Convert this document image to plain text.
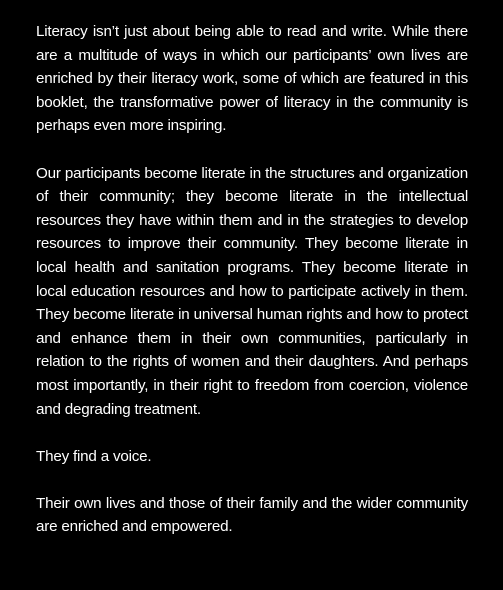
Literacy isn’t just about being able to read and write. While there are a multitude of ways in which our participants’ own lives are enriched by their literacy work, some of which are featured in this booklet, the transformative power of literacy in the community is perhaps even more inspiring.

Our participants become literate in the structures and organization of their community; they become literate in the intellectual resources they have within them and in the strategies to develop resources to improve their community. They become literate in local health and sanitation programs. They become literate in local education resources and how to participate actively in them. They become literate in universal human rights and how to protect and enhance them in their own communities, particularly in relation to the rights of women and their daughters. And perhaps most importantly, in their right to freedom from coercion, violence and degrading treatment.

They find a voice.

Their own lives and those of their family and the wider community are enriched and empowered.
